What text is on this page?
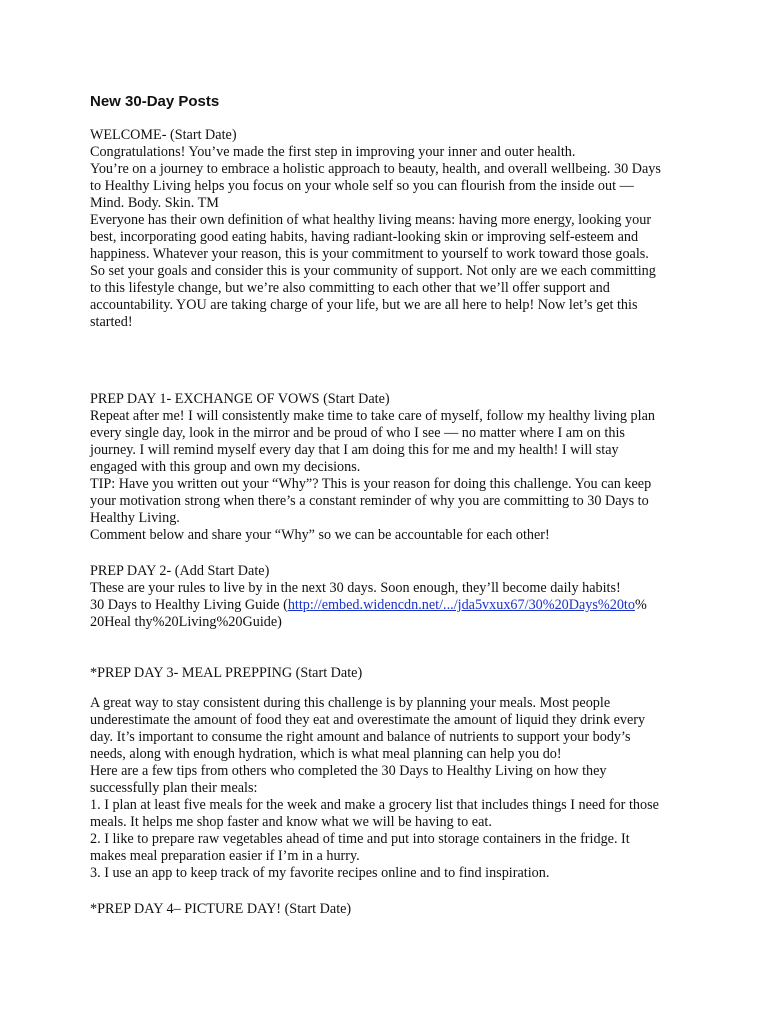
New 30-Day Posts
WELCOME- (Start Date)
Congratulations! You’ve made the first step in improving your inner and outer health.
You’re on a journey to embrace a holistic approach to beauty, health, and overall wellbeing. 30 Days
to Healthy Living helps you focus on your whole self so you can flourish from the inside out —
Mind. Body. Skin. TM
Everyone has their own definition of what healthy living means: having more energy, looking your
best, incorporating good eating habits, having radiant-looking skin or improving self-esteem and
happiness. Whatever your reason, this is your commitment to yourself to work toward those goals.
So set your goals and consider this is your community of support. Not only are we each committing
to this lifestyle change, but we’re also committing to each other that we’ll offer support and
accountability. YOU are taking charge of your life, but we are all here to help! Now let’s get this
started!
PREP DAY 1- EXCHANGE OF VOWS (Start Date)
Repeat after me! I will consistently make time to take care of myself, follow my healthy living plan
every single day, look in the mirror and be proud of who I see — no matter where I am on this
journey. I will remind myself every day that I am doing this for me and my health! I will stay
engaged with this group and own my decisions.
TIP: Have you written out your “Why”? This is your reason for doing this challenge. You can keep
your motivation strong when there’s a constant reminder of why you are committing to 30 Days to
Healthy Living.
Comment below and share your “Why” so we can be accountable for each other!
PREP DAY 2- (Add Start Date)
These are your rules to live by in the next 30 days. Soon enough, they’ll become daily habits!
30 Days to Healthy Living Guide (http://embed.widencdn.net/.../jda5vxux67/30%20Days%20to%
20Heal thy%20Living%20Guide)
*PREP DAY 3- MEAL PREPPING (Start Date)
A great way to stay consistent during this challenge is by planning your meals. Most people
underestimate the amount of food they eat and overestimate the amount of liquid they drink every
day. It’s important to consume the right amount and balance of nutrients to support your body’s
needs, along with enough hydration, which is what meal planning can help you do!
Here are a few tips from others who completed the 30 Days to Healthy Living on how they
successfully plan their meals:
1. I plan at least five meals for the week and make a grocery list that includes things I need for those
meals. It helps me shop faster and know what we will be having to eat.
2. I like to prepare raw vegetables ahead of time and put into storage containers in the fridge. It
makes meal preparation easier if I’m in a hurry.
3. I use an app to keep track of my favorite recipes online and to find inspiration.
*PREP DAY 4– PICTURE DAY! (Start Date)
